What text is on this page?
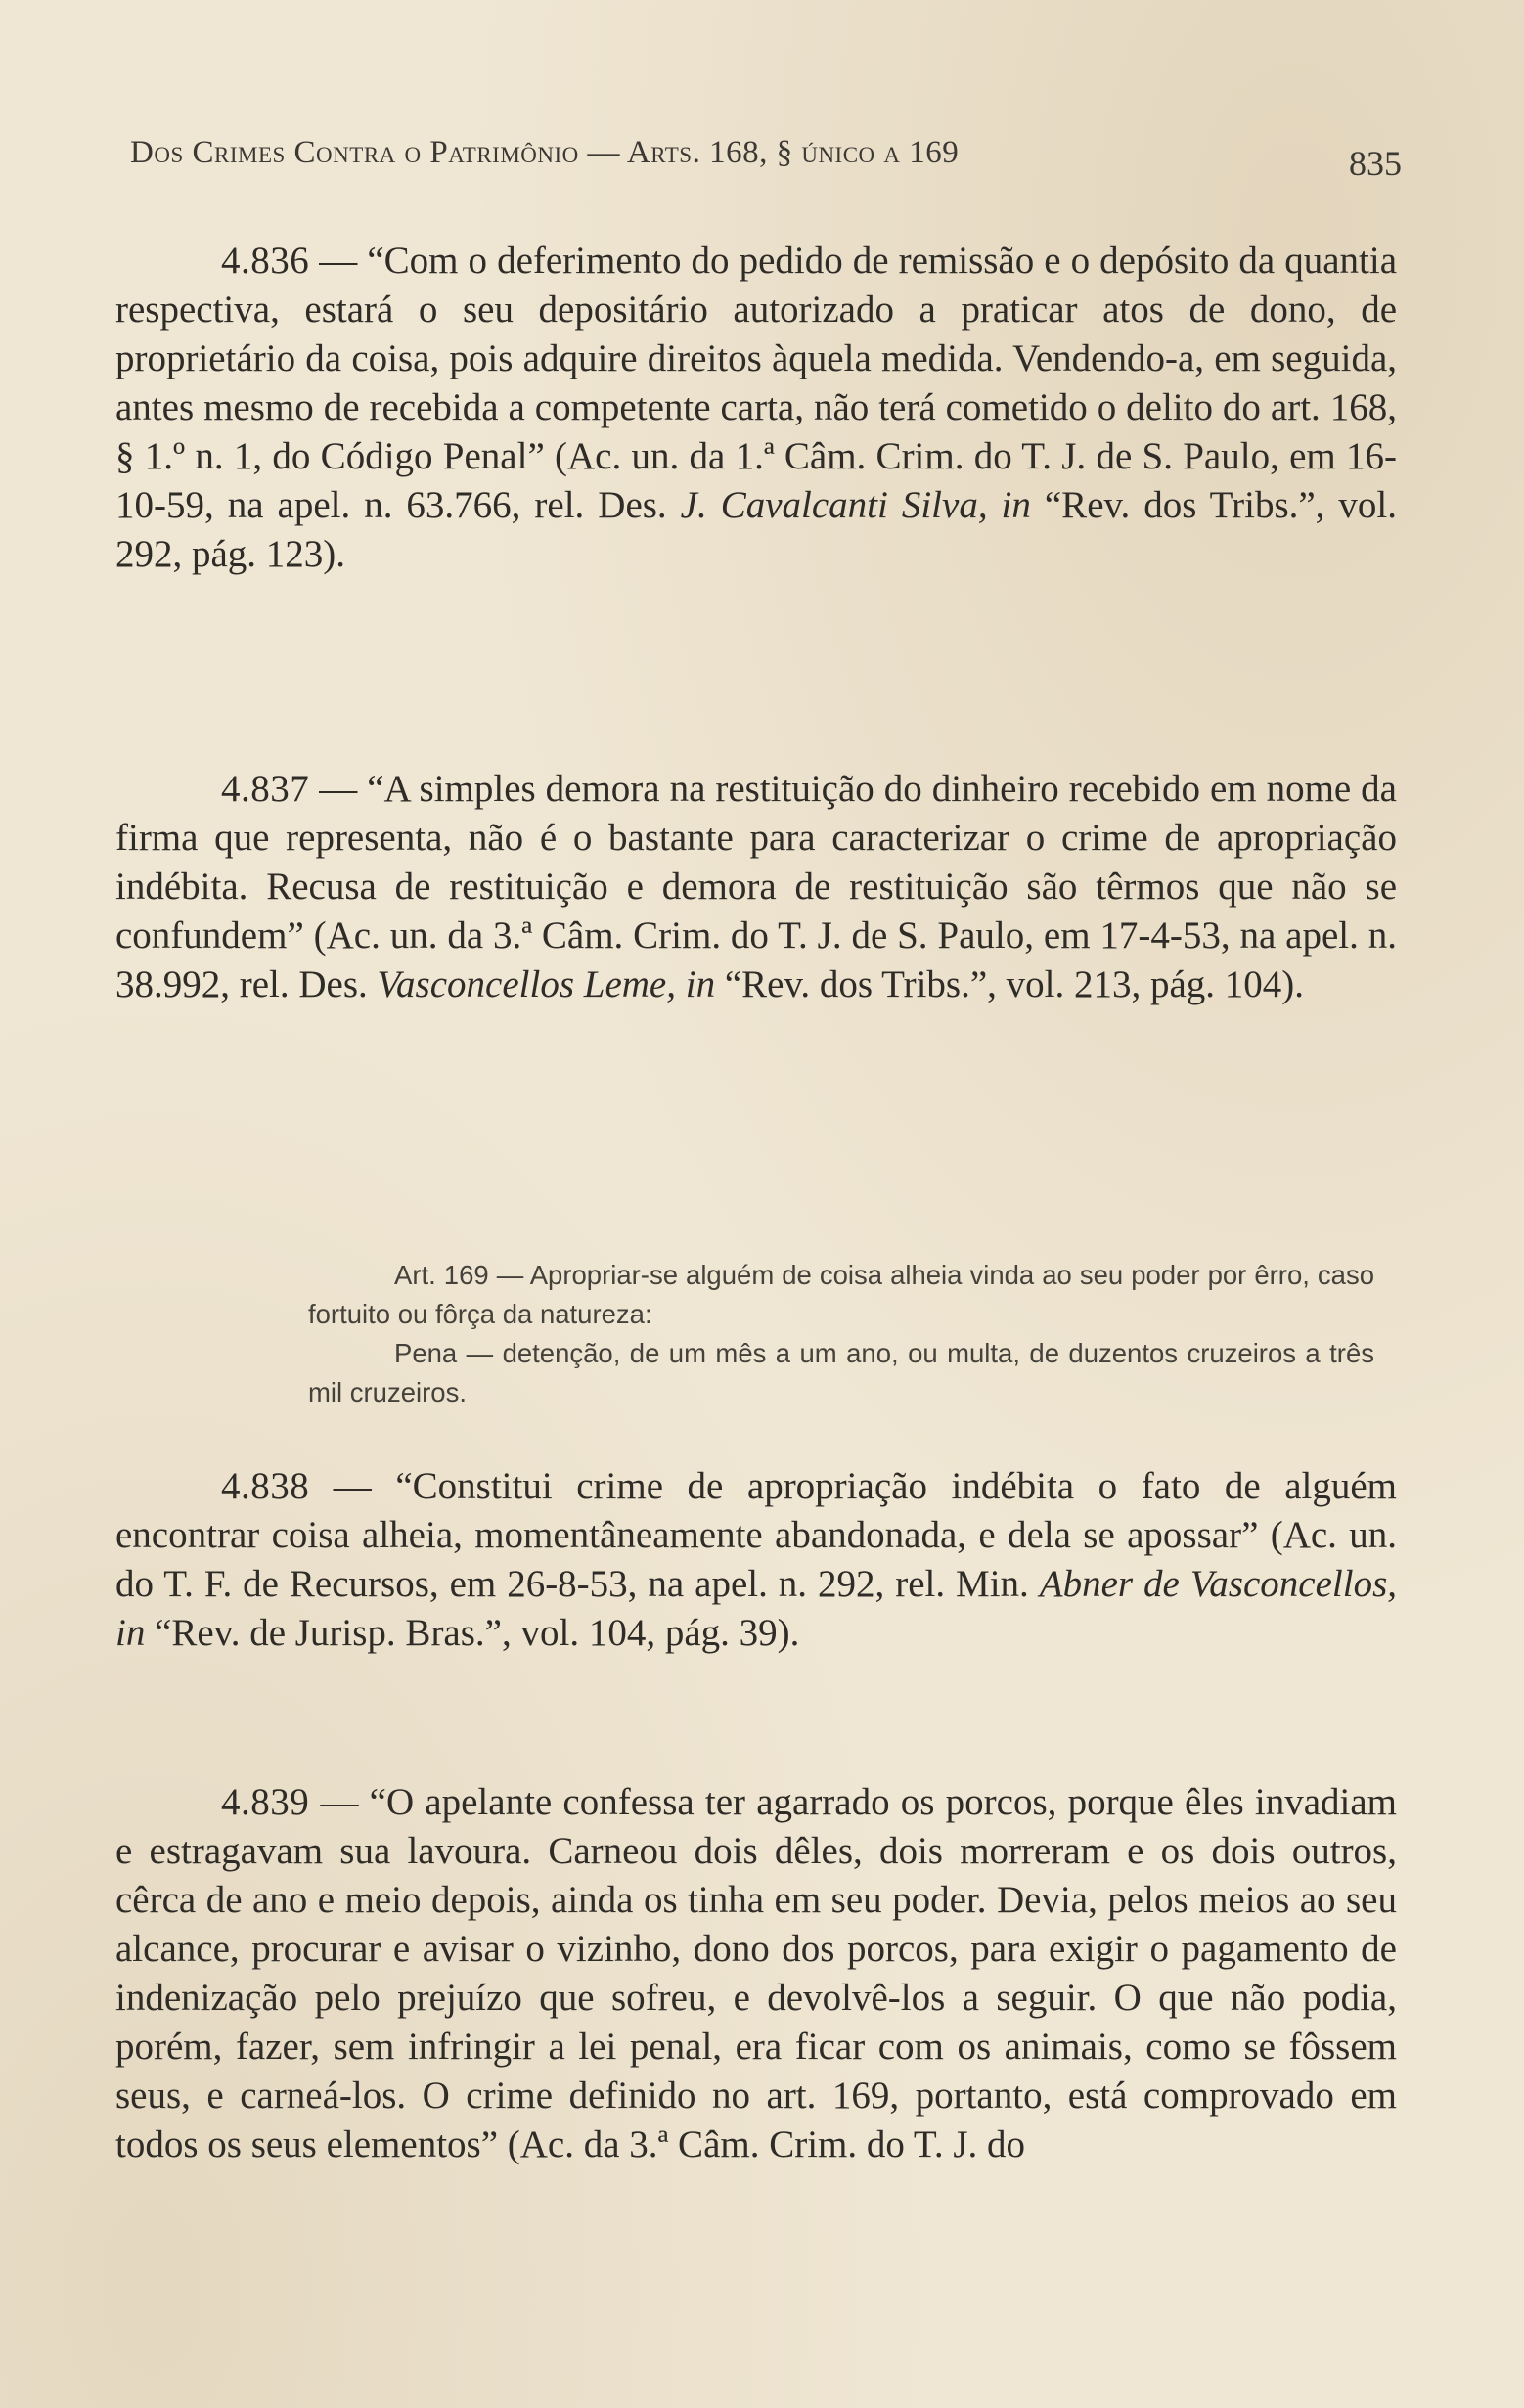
Dos Crimes Contra o Patrimônio — Arts. 168, § único a 169	835

4.836 — “Com o deferimento do pedido de remissão e o depósito da quantia respectiva, estará o seu depositário autorizado a praticar atos de dono, de proprietário da coisa, pois adquire direitos àquela medida. Vendendo-a, em seguida, antes mesmo de recebida a competente carta, não terá cometido o delito do art. 168, § 1.º n. 1, do Código Penal” (Ac. un. da 1.ª Câm. Crim. do T. J. de S. Paulo, em 16-10-59, na apel. n. 63.766, rel. Des. J. Cavalcanti Silva, in “Rev. dos Tribs.”, vol. 292, pág. 123).

4.837 — “A simples demora na restituição do dinheiro recebido em nome da firma que representa, não é o bastante para caracterizar o crime de apropriação indébita. Recusa de restituição e demora de restituição são têrmos que não se confundem” (Ac. un. da 3.ª Câm. Crim. do T. J. de S. Paulo, em 17-4-53, na apel. n. 38.992, rel. Des. Vasconcellos Leme, in “Rev. dos Tribs.”, vol. 213, pág. 104).

Art. 169 — Apropriar-se alguém de coisa alheia vinda ao seu poder por êrro, caso fortuito ou fôrça da natureza:

Pena — detenção, de um mês a um ano, ou multa, de duzentos cruzeiros a três mil cruzeiros.

4.838 — “Constitui crime de apropriação indébita o fato de alguém encontrar coisa alheia, momentâneamente abandonada, e dela se apossar” (Ac. un. do T. F. de Recursos, em 26-8-53, na apel. n. 292, rel. Min. Abner de Vasconcellos, in “Rev. de Jurisp. Bras.”, vol. 104, pág. 39).

4.839 — “O apelante confessa ter agarrado os porcos, porque êles invadiam e estragavam sua lavoura. Carneou dois dêles, dois morreram e os dois outros, cêrca de ano e meio depois, ainda os tinha em seu poder. Devia, pelos meios ao seu alcance, procurar e avisar o vizinho, dono dos porcos, para exigir o pagamento de indenização pelo prejuízo que sofreu, e devolvê-los a seguir. O que não podia, porém, fazer, sem infringir a lei penal, era ficar com os animais, como se fôssem seus, e carneá-los. O crime definido no art. 169, portanto, está comprovado em todos os seus elementos” (Ac. da 3.ª Câm. Crim. do T. J. do
